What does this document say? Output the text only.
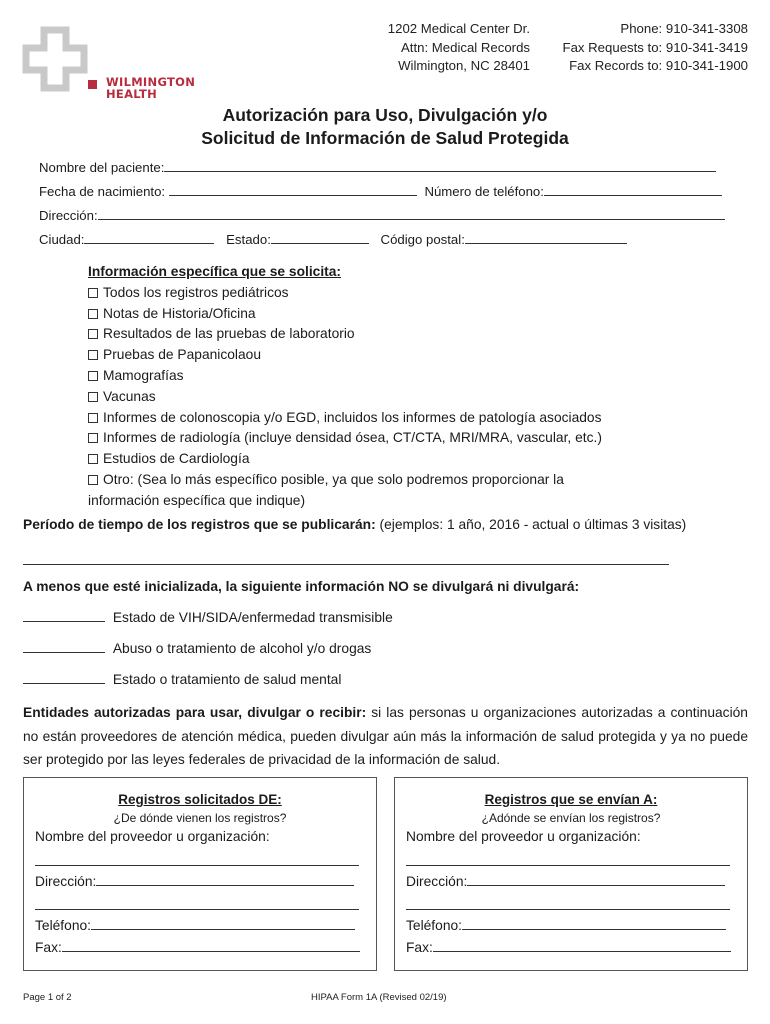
WILMINGTON
HEALTH
1202 Medical Center Dr.
Attn: Medical Records
Wilmington, NC 28401
Phone: 910-341-3308
Fax Requests to: 910-341-3419
Fax Records to: 910-341-1900
Autorización para Uso, Divulgación y/o
Solicitud de Información de Salud Protegida
Nombre del paciente:
Fecha de nacimiento:	Número de teléfono:
Dirección:
Ciudad:	Estado:	Código postal:
Información específica que se solicita:
Todos los registros pediátricos
Notas de Historia/Oficina
Resultados de las pruebas de laboratorio
Pruebas de Papanicolaou
Mamografías
Vacunas
Informes de colonoscopia y/o EGD, incluidos los informes de patología asociados
Informes de radiología (incluye densidad ósea, CT/CTA, MRI/MRA, vascular, etc.)
Estudios de Cardiología
Otro: (Sea lo más específico posible, ya que solo podremos proporcionar la
información específica que indique)
Período de tiempo de los registros que se publicarán: (ejemplos: 1 año, 2016 - actual o últimas 3 visitas)
A menos que esté inicializada, la siguiente información NO se divulgará ni divulgará:
Estado de VIH/SIDA/enfermedad transmisible
Abuso o tratamiento de alcohol y/o drogas
Estado o tratamiento de salud mental
Entidades autorizadas para usar, divulgar o recibir: si las personas u organizaciones autorizadas a continuación no están proveedores de atención médica, pueden divulgar aún más la información de salud protegida y ya no puede ser protegido por las leyes federales de privacidad de la información de salud.
Registros solicitados DE:
¿De dónde vienen los registros?
Nombre del proveedor u organización:
Dirección:
Teléfono:
Fax:
Registros que se envían A:
¿Adónde se envían los registros?
Nombre del proveedor u organización:
Dirección:
Teléfono:
Fax:
Page 1 of 2	HIPAA Form 1A (Revised 02/19)
